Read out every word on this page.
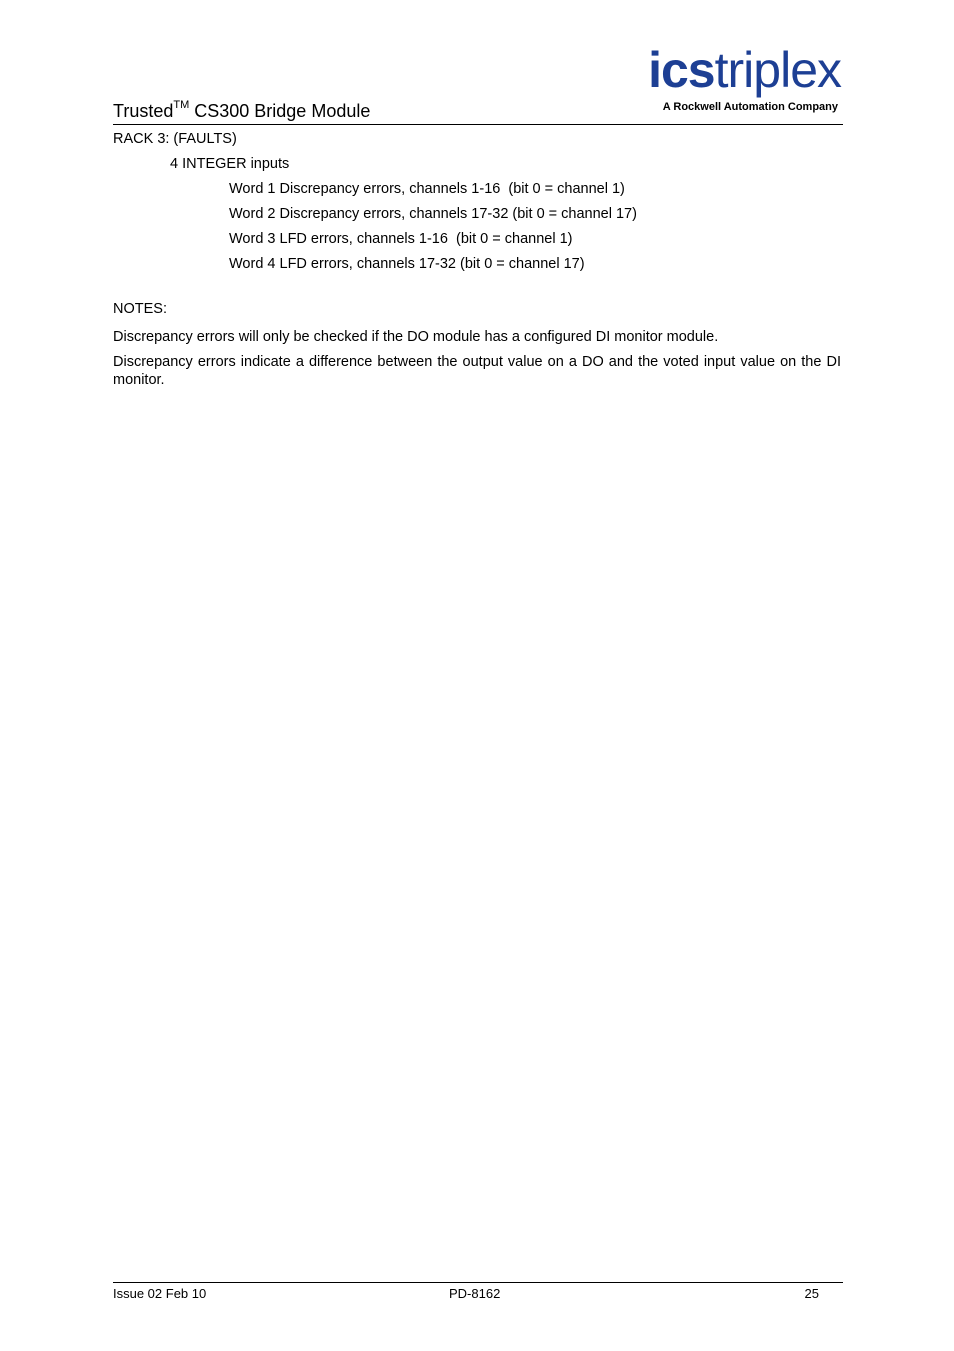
Trusted™ CS300 Bridge Module
icstriplex
A Rockwell Automation Company
RACK 3: (FAULTS)
4 INTEGER inputs
Word 1 Discrepancy errors, channels 1-16  (bit 0 = channel 1)
Word 2 Discrepancy errors, channels 17-32 (bit 0 = channel 17)
Word 3 LFD errors, channels 1-16  (bit 0 = channel 1)
Word 4 LFD errors, channels 17-32 (bit 0 = channel 17)
NOTES:
Discrepancy errors will only be checked if the DO module has a configured DI monitor module.
Discrepancy errors indicate a difference between the output value on a DO and the voted input value on the DI monitor.
Issue 02 Feb 10	PD-8162	25
